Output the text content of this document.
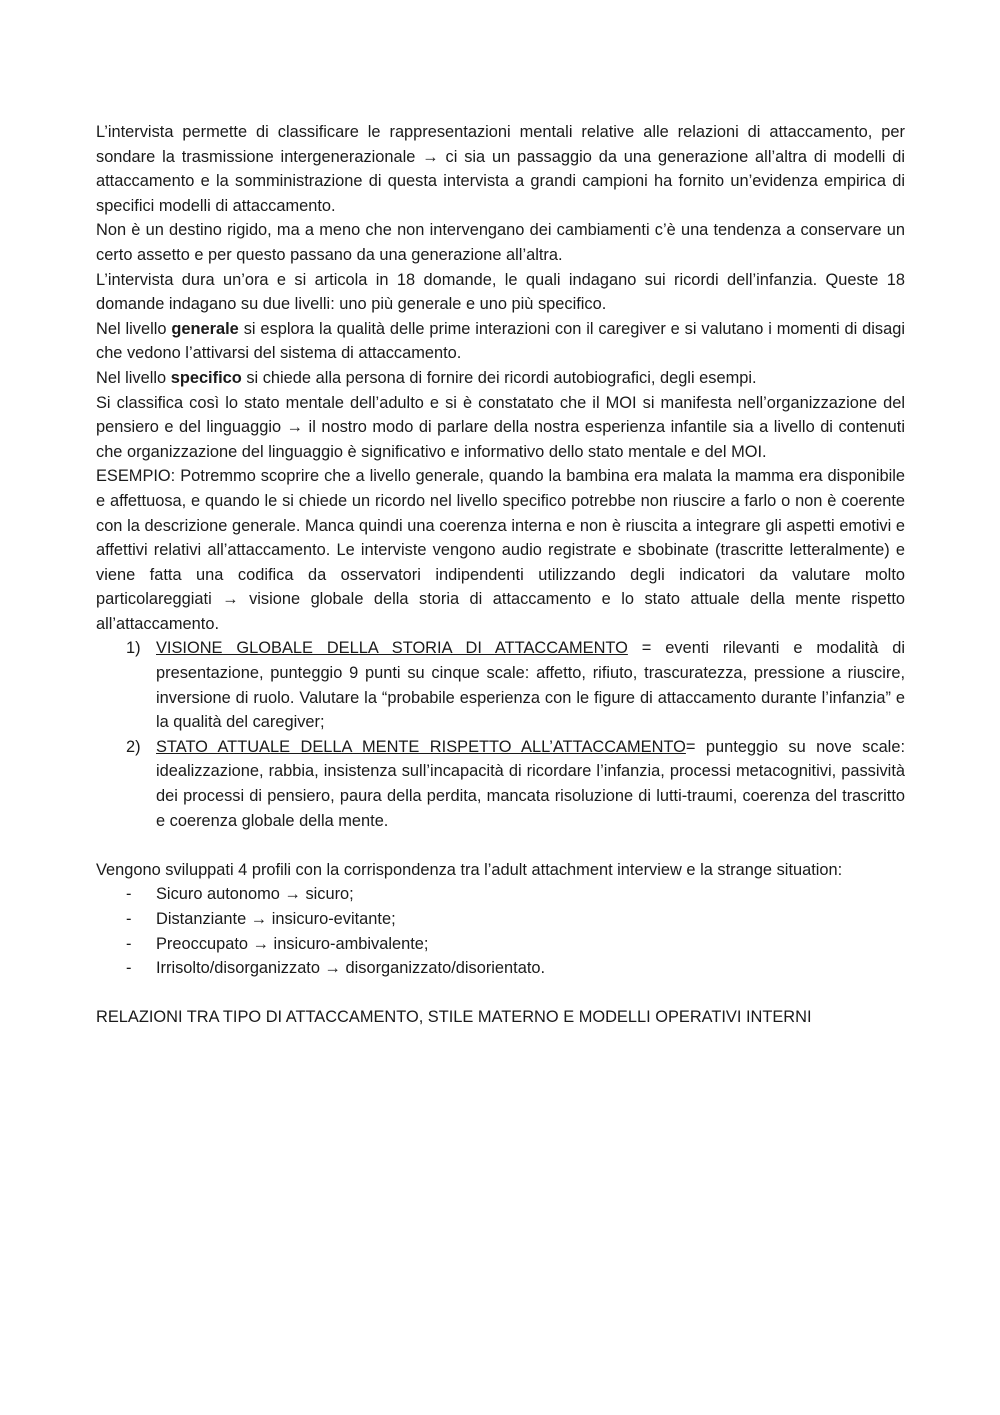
L’intervista permette di classificare le rappresentazioni mentali relative alle relazioni di attaccamento, per sondare la trasmissione intergenerazionale → ci sia un passaggio da una generazione all’altra di modelli di attaccamento e la somministrazione di questa intervista a grandi campioni ha fornito un’evidenza empirica di specifici modelli di attaccamento.

Non è un destino rigido, ma a meno che non intervengano dei cambiamenti c’è una tendenza a conservare un certo assetto e per questo passano da una generazione all’altra.

L’intervista dura un’ora e si articola in 18 domande, le quali indagano sui ricordi dell’infanzia. Queste 18 domande indagano su due livelli: uno più generale e uno più specifico.

Nel livello generale si esplora la qualità delle prime interazioni con il caregiver e si valutano i momenti di disagi che vedono l’attivarsi del sistema di attaccamento.

Nel livello specifico si chiede alla persona di fornire dei ricordi autobiografici, degli esempi.

Si classifica così lo stato mentale dell’adulto e si è constatato che il MOI si manifesta nell’organizzazione del pensiero e del linguaggio → il nostro modo di parlare della nostra esperienza infantile sia a livello di contenuti che organizzazione del linguaggio è significativo e informativo dello stato mentale e del MOI.

ESEMPIO: Potremmo scoprire che a livello generale, quando la bambina era malata la mamma era disponibile e affettuosa, e quando le si chiede un ricordo nel livello specifico potrebbe non riuscire a farlo o non è coerente con la descrizione generale. Manca quindi una coerenza interna e non è riuscita a integrare gli aspetti emotivi e affettivi relativi all’attaccamento. Le interviste vengono audio registrate e sbobinate (trascritte letteralmente) e viene fatta una codifica da osservatori indipendenti utilizzando degli indicatori da valutare molto particolareggiati → visione globale della storia di attaccamento e lo stato attuale della mente rispetto all’attaccamento.

1) VISIONE GLOBALE DELLA STORIA DI ATTACCAMENTO = eventi rilevanti e modalità di presentazione, punteggio 9 punti su cinque scale: affetto, rifiuto, trascuratezza, pressione a riuscire, inversione di ruolo. Valutare la “probabile esperienza con le figure di attaccamento durante l’infanzia” e la qualità del caregiver;
2) STATO ATTUALE DELLA MENTE RISPETTO ALL’ATTACCAMENTO= punteggio su nove scale: idealizzazione, rabbia, insistenza sull’incapacità di ricordare l’infanzia, processi metacognitivi, passività dei processi di pensiero, paura della perdita, mancata risoluzione di lutti-traumi, coerenza del trascritto e coerenza globale della mente.

Vengono sviluppati 4 profili con la corrispondenza tra l’adult attachment interview e la strange situation:

- Sicuro autonomo → sicuro;
- Distanziante → insicuro-evitante;
- Preoccupato → insicuro-ambivalente;
- Irrisolto/disorganizzato → disorganizzato/disorientato.

RELAZIONI TRA TIPO DI ATTACCAMENTO, STILE MATERNO E MODELLI OPERATIVI INTERNI
